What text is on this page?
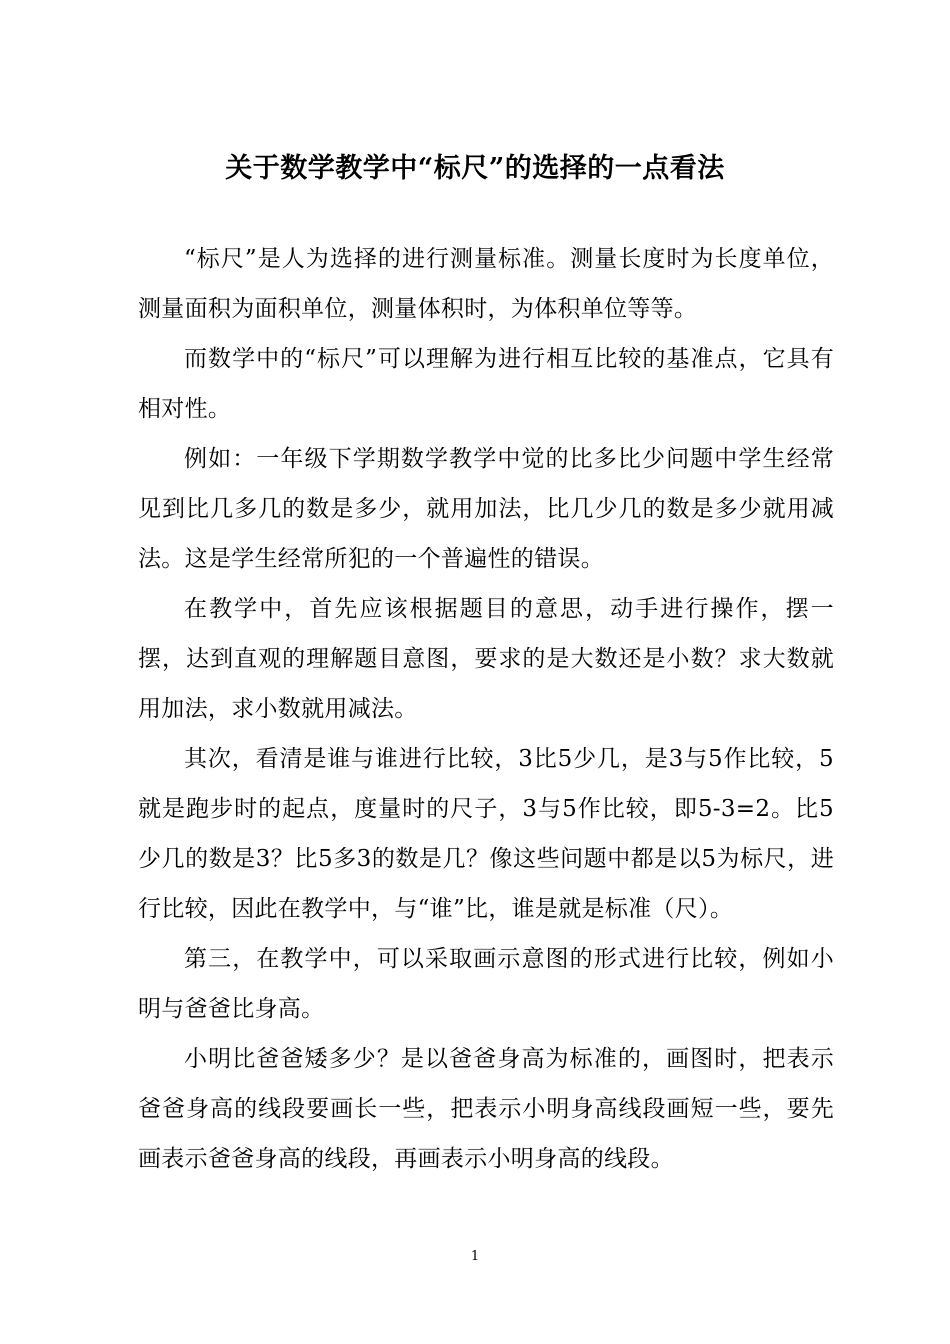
关于数学教学中“标尺”的选择的一点看法

“标尺”是人为选择的进行测量标准。测量长度时为长度单位，测量面积为面积单位，测量体积时，为体积单位等等。

而数学中的“标尺”可以理解为进行相互比较的基准点，它具有相对性。

例如：一年级下学期数学教学中觉的比多比少问题中学生经常见到比几多几的数是多少，就用加法，比几少几的数是多少就用减法。这是学生经常所犯的一个普遍性的错误。

在教学中，首先应该根据题目的意思，动手进行操作，摆一摆，达到直观的理解题目意图，要求的是大数还是小数？求大数就用加法，求小数就用减法。

其次，看清是谁与谁进行比较，3比5少几，是3与5作比较，5就是跑步时的起点，度量时的尺子，3与5作比较，即5-3=2。比5少几的数是3？比5多3的数是几？像这些问题中都是以5为标尺，进行比较，因此在教学中，与“谁”比，谁是就是标准（尺）。

第三，在教学中，可以采取画示意图的形式进行比较，例如小明与爸爸比身高。

小明比爸爸矮多少？是以爸爸身高为标准的，画图时，把表示爸爸身高的线段要画长一些，把表示小明身高线段画短一些，要先画表示爸爸身高的线段，再画表示小明身高的线段。

1
